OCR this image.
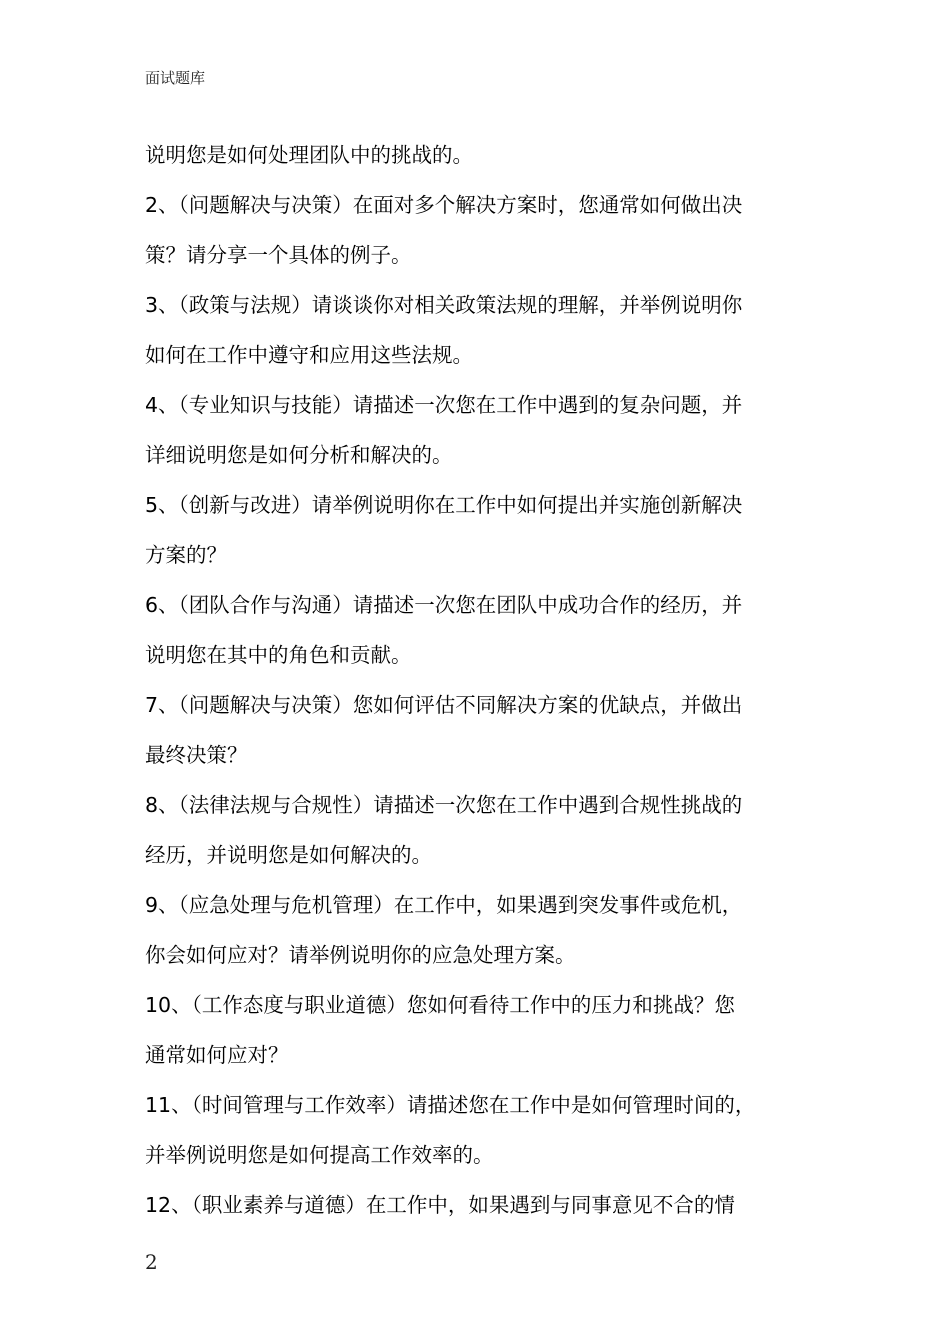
面试题库
说明您是如何处理团队中的挑战的。
2、（问题解决与决策）在面对多个解决方案时，您通常如何做出决
策？请分享一个具体的例子。
3、（政策与法规）请谈谈你对相关政策法规的理解，并举例说明你
如何在工作中遵守和应用这些法规。
4、（专业知识与技能）请描述一次您在工作中遇到的复杂问题，并
详细说明您是如何分析和解决的。
5、（创新与改进）请举例说明你在工作中如何提出并实施创新解决
方案的？
6、（团队合作与沟通）请描述一次您在团队中成功合作的经历，并
说明您在其中的角色和贡献。
7、（问题解决与决策）您如何评估不同解决方案的优缺点，并做出
最终决策？
8、（法律法规与合规性）请描述一次您在工作中遇到合规性挑战的
经历，并说明您是如何解决的。
9、（应急处理与危机管理）在工作中，如果遇到突发事件或危机，
你会如何应对？请举例说明你的应急处理方案。
10、（工作态度与职业道德）您如何看待工作中的压力和挑战？您
通常如何应对？
11、（时间管理与工作效率）请描述您在工作中是如何管理时间的，
并举例说明您是如何提高工作效率的。
12、（职业素养与道德）在工作中，如果遇到与同事意见不合的情
2
